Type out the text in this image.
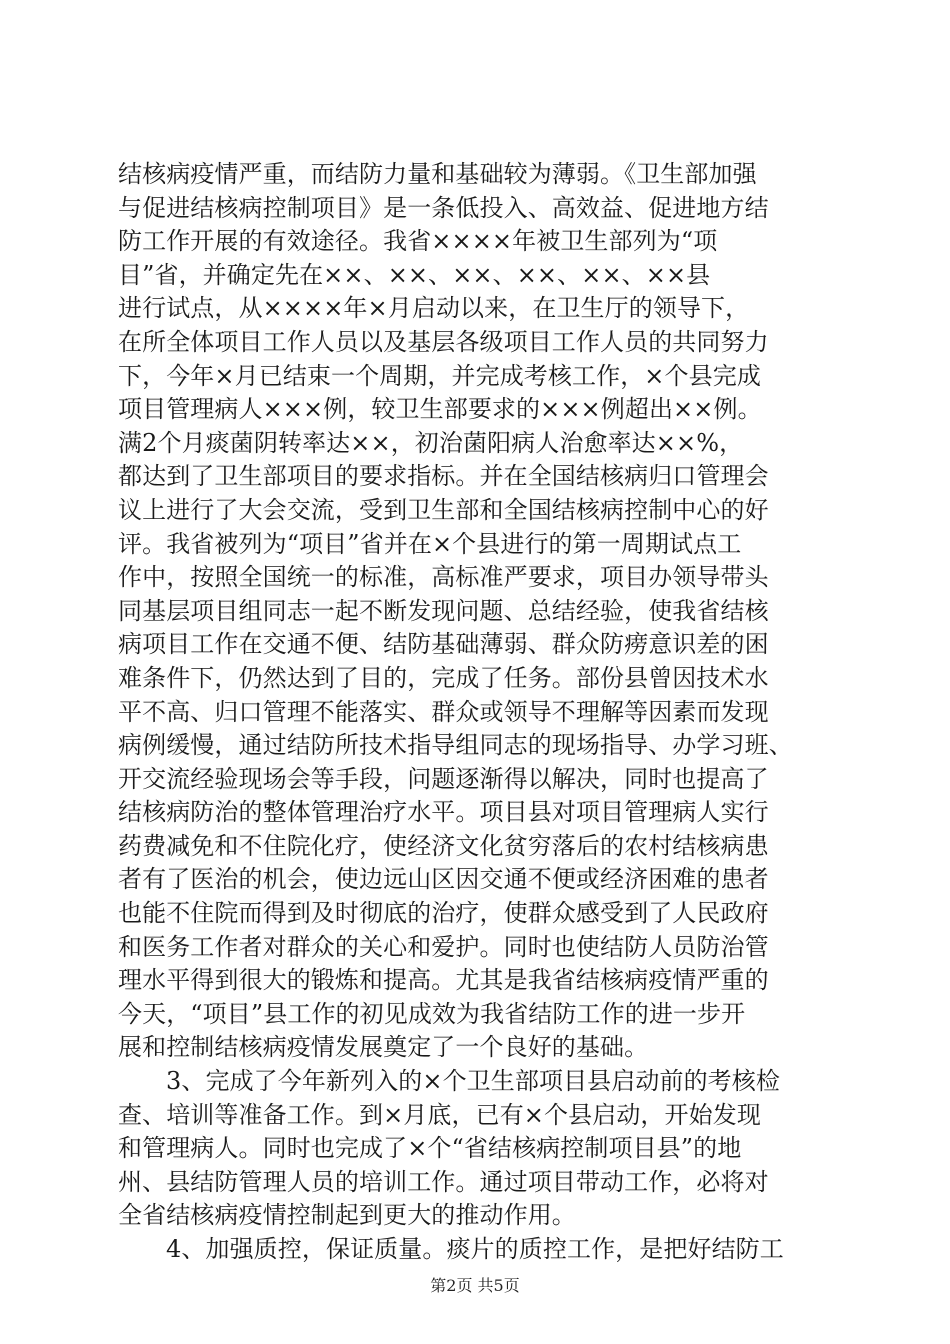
结核病疫情严重，而结防力量和基础较为薄弱。《卫生部加强
与促进结核病控制项目》是一条低投入、高效益、促进地方结
防工作开展的有效途径。我省××××年被卫生部列为“项
目”省，并确定先在××、××、××、××、××、××县
进行试点，从××××年×月启动以来，在卫生厅的领导下，
在所全体项目工作人员以及基层各级项目工作人员的共同努力
下，今年×月已结束一个周期，并完成考核工作，×个县完成
项目管理病人×××例，较卫生部要求的×××例超出××例。
满2个月痰菌阴转率达××，初治菌阳病人治愈率达××%，
都达到了卫生部项目的要求指标。并在全国结核病归口管理会
议上进行了大会交流，受到卫生部和全国结核病控制中心的好
评。我省被列为“项目”省并在×个县进行的第一周期试点工
作中，按照全国统一的标准，高标准严要求，项目办领导带头
同基层项目组同志一起不断发现问题、总结经验，使我省结核
病项目工作在交通不便、结防基础薄弱、群众防痨意识差的困
难条件下，仍然达到了目的，完成了任务。部份县曾因技术水
平不高、归口管理不能落实、群众或领导不理解等因素而发现
病例缓慢，通过结防所技术指导组同志的现场指导、办学习班、
开交流经验现场会等手段，问题逐渐得以解决，同时也提高了
结核病防治的整体管理治疗水平。项目县对项目管理病人实行
药费减免和不住院化疗，使经济文化贫穷落后的农村结核病患
者有了医治的机会，使边远山区因交通不便或经济困难的患者
也能不住院而得到及时彻底的治疗，使群众感受到了人民政府
和医务工作者对群众的关心和爱护。同时也使结防人员防治管
理水平得到很大的锻炼和提高。尤其是我省结核病疫情严重的
今天，“项目”县工作的初见成效为我省结防工作的进一步开
展和控制结核病疫情发展奠定了一个良好的基础。
3、完成了今年新列入的×个卫生部项目县启动前的考核检
查、培训等准备工作。到×月底，已有×个县启动，开始发现
和管理病人。同时也完成了×个“省结核病控制项目县”的地
州、县结防管理人员的培训工作。通过项目带动工作，必将对
全省结核病疫情控制起到更大的推动作用。
4、加强质控，保证质量。痰片的质控工作，是把好结防工
第2页 共5页
